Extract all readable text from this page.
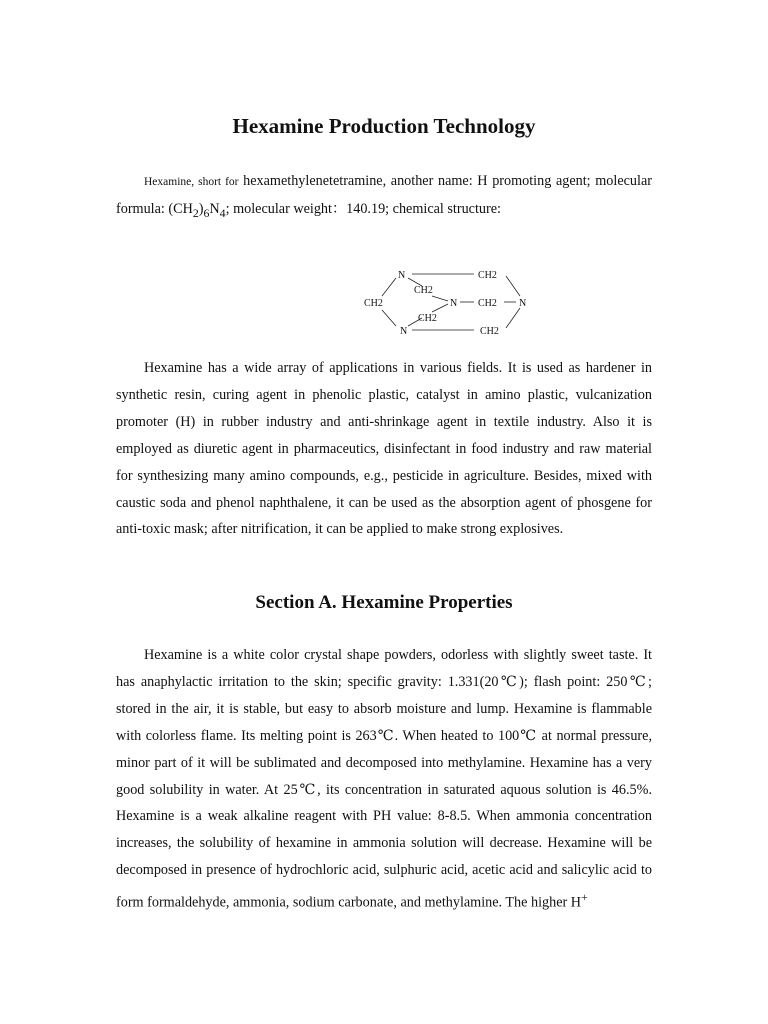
Hexamine Production Technology

Hexamine, short for hexamethylenetetramine, another name: H promoting agent; molecular formula: $(CH_2)_6N_4$; molecular weight：140.19; chemical structure:

N	CH2
CH2
CH2	N CH2 N
CH2
N	CH2

Hexamine has a wide array of applications in various fields. It is used as hardener in synthetic resin, curing agent in phenolic plastic, catalyst in amino plastic, vulcanization promoter (H) in rubber industry and anti-shrinkage agent in textile industry. Also it is employed as diuretic agent in pharmaceutics, disinfectant in food industry and raw material for synthesizing many amino compounds, e.g., pesticide in agriculture. Besides, mixed with caustic soda and phenol naphthalene, it can be used as the absorption agent of phosgene for anti-toxic mask; after nitrification, it can be applied to make strong explosives.

Section A. Hexamine Properties

Hexamine is a white color crystal shape powders, odorless with slightly sweet taste. It has anaphylactic irritation to the skin; specific gravity: 1.331(20℃); flash point: 250℃; stored in the air, it is stable, but easy to absorb moisture and lump. Hexamine is flammable with colorless flame. Its melting point is 263℃. When heated to 100℃ at normal pressure, minor part of it will be sublimated and decomposed into methylamine. Hexamine has a very good solubility in water. At 25℃, its concentration in saturated aquous solution is 46.5%. Hexamine is a weak alkaline reagent with PH value: 8-8.5. When ammonia concentration increases, the solubility of hexamine in ammonia solution will decrease. Hexamine will be decomposed in presence of hydrochloric acid, sulphuric acid, acetic acid and salicylic acid to form formaldehyde, ammonia, sodium carbonate, and methylamine. The higher H+
